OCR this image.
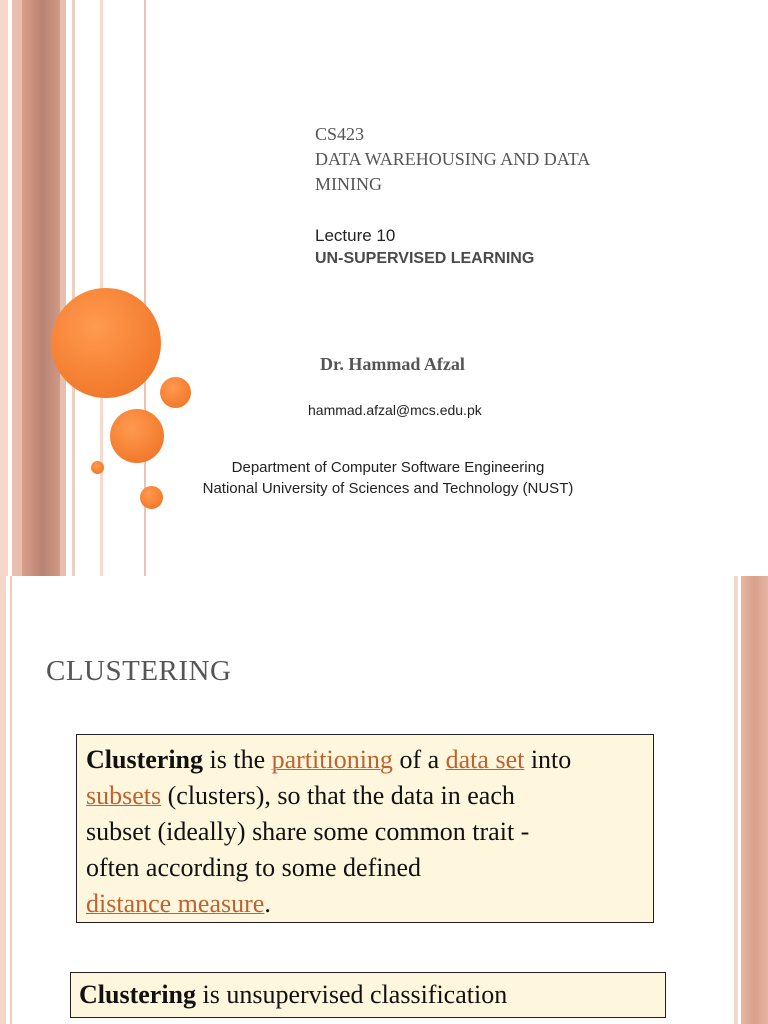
CS423
DATA WAREHOUSING AND DATA
MINING
Lecture 10
UN-SUPERVISED LEARNING
Dr. Hammad Afzal
hammad.afzal@mcs.edu.pk
Department of Computer Software Engineering
National University of Sciences and Technology (NUST)
CLUSTERING
Clustering is the partitioning of a data set into
subsets (clusters), so that the data in each
subset (ideally) share some common trait -
often according to some defined
distance measure.
Clustering is unsupervised classification
